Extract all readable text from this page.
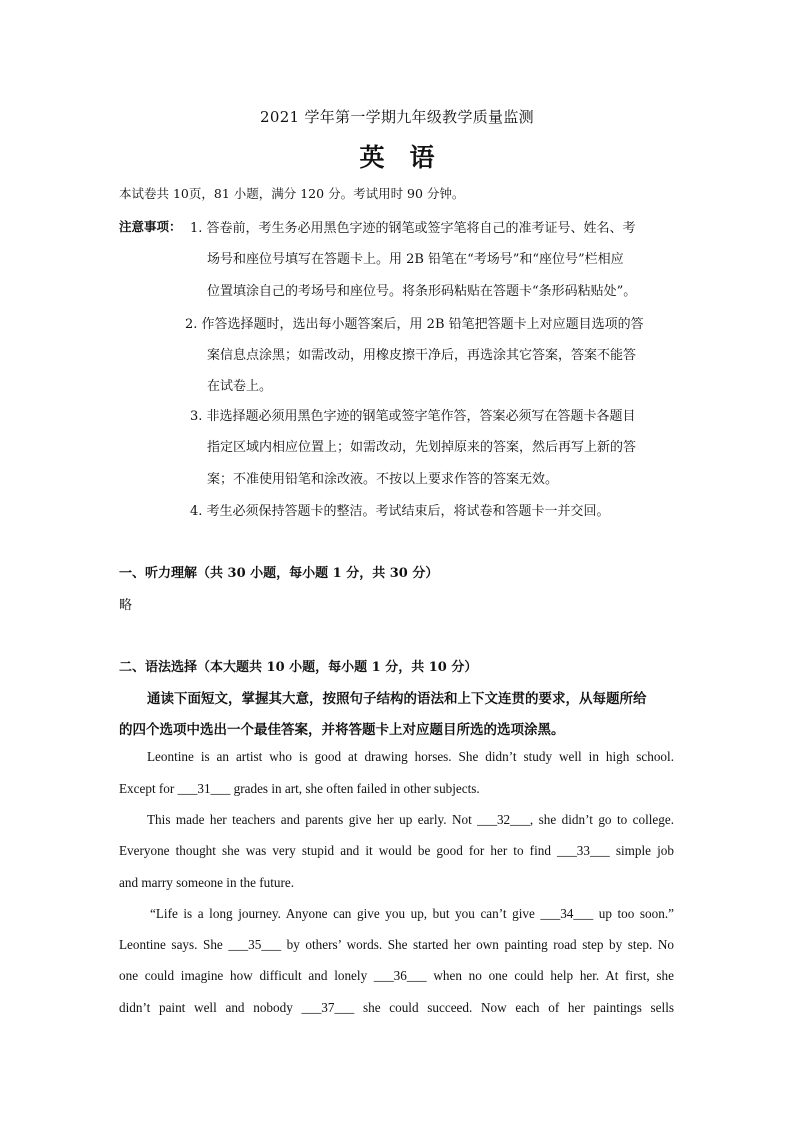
2021 学年第一学期九年级教学质量监测
英　语
本试卷共 10页，81 小题，满分 120 分。考试用时 90 分钟。
注意事项： 1. 答卷前，考生务必用黑色字迹的钢笔或签字笔将自己的准考证号、姓名、考
场号和座位号填写在答题卡上。用 2B 铅笔在“考场号”和“座位号”栏相应
位置填涂自己的考场号和座位号。将条形码粘贴在答题卡“条形码粘贴处”。
2. 作答选择题时，选出每小题答案后，用 2B 铅笔把答题卡上对应题目选项的答
案信息点涂黑；如需改动，用橡皮擦干净后，再选涂其它答案，答案不能答
在试卷上。
3. 非选择题必须用黑色字迹的钢笔或签字笔作答，答案必须写在答题卡各题目
指定区域内相应位置上；如需改动，先划掉原来的答案，然后再写上新的答
案；不准使用铅笔和涂改液。不按以上要求作答的答案无效。
4. 考生必须保持答题卡的整洁。考试结束后，将试卷和答题卡一并交回。
一、听力理解（共 30 小题，每小题 1 分，共 30 分）
略
二、语法选择（本大题共 10 小题，每小题 1 分，共 10 分）
通读下面短文，掌握其大意，按照句子结构的语法和上下文连贯的要求，从每题所给
的四个选项中选出一个最佳答案，并将答题卡上对应题目所选的选项涂黑。
Leontine is an artist who is good at drawing horses. She didn’t study well in high school.
Except for ___31___ grades in art, she often failed in other subjects.
This made her teachers and parents give her up early. Not ___32___, she didn’t go to college.
Everyone thought she was very stupid and it would be good for her to find ___33___ simple job
and marry someone in the future.
“Life is a long journey. Anyone can give you up, but you can’t give ___34___ up too soon.”
Leontine says. She ___35___ by others’ words. She started her own painting road step by step. No
one could imagine how difficult and lonely ___36___ when no one could help her. At first, she
didn’t paint well and nobody ___37___ she could succeed. Now each of her paintings sells
